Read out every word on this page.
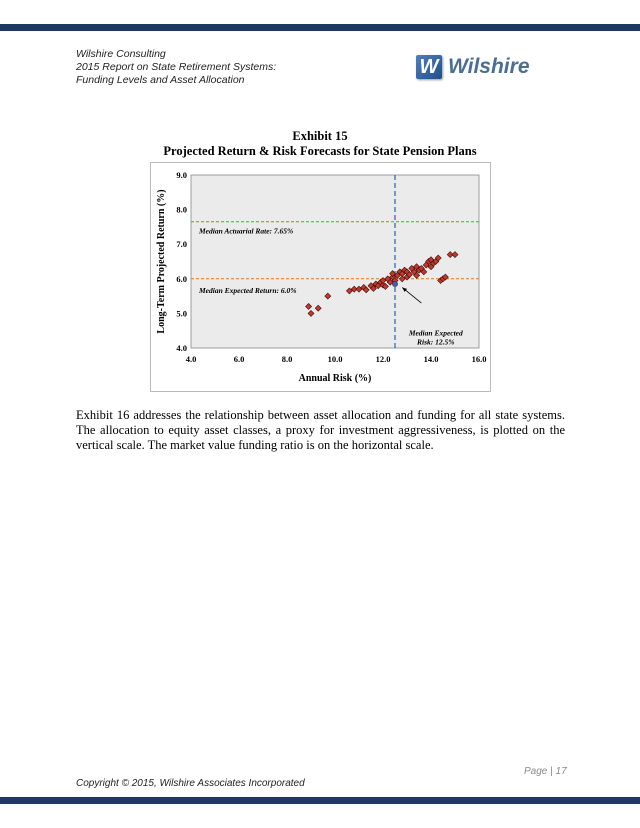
Wilshire Consulting
2015 Report on State Retirement Systems:
Funding Levels and Asset Allocation
W Wilshire
Exhibit 15
Projected Return & Risk Forecasts for State Pension Plans
4.0	6.0	8.0	10.0	12.0	14.0	16.0
4.0
5.0
6.0
7.0
8.0
9.0
Median Actuarial Rate: 7.65%
Median Expected Return: 6.0%
Median Expected
Risk: 12.5%
Annual Risk (%)
Long-Term Projected Return (%)
Exhibit 16 addresses the relationship between asset allocation and funding for all state systems. The allocation to equity asset classes, a proxy for investment aggressiveness, is plotted on the vertical scale. The market value funding ratio is on the horizontal scale.
Page | 17
Copyright © 2015, Wilshire Associates Incorporated
